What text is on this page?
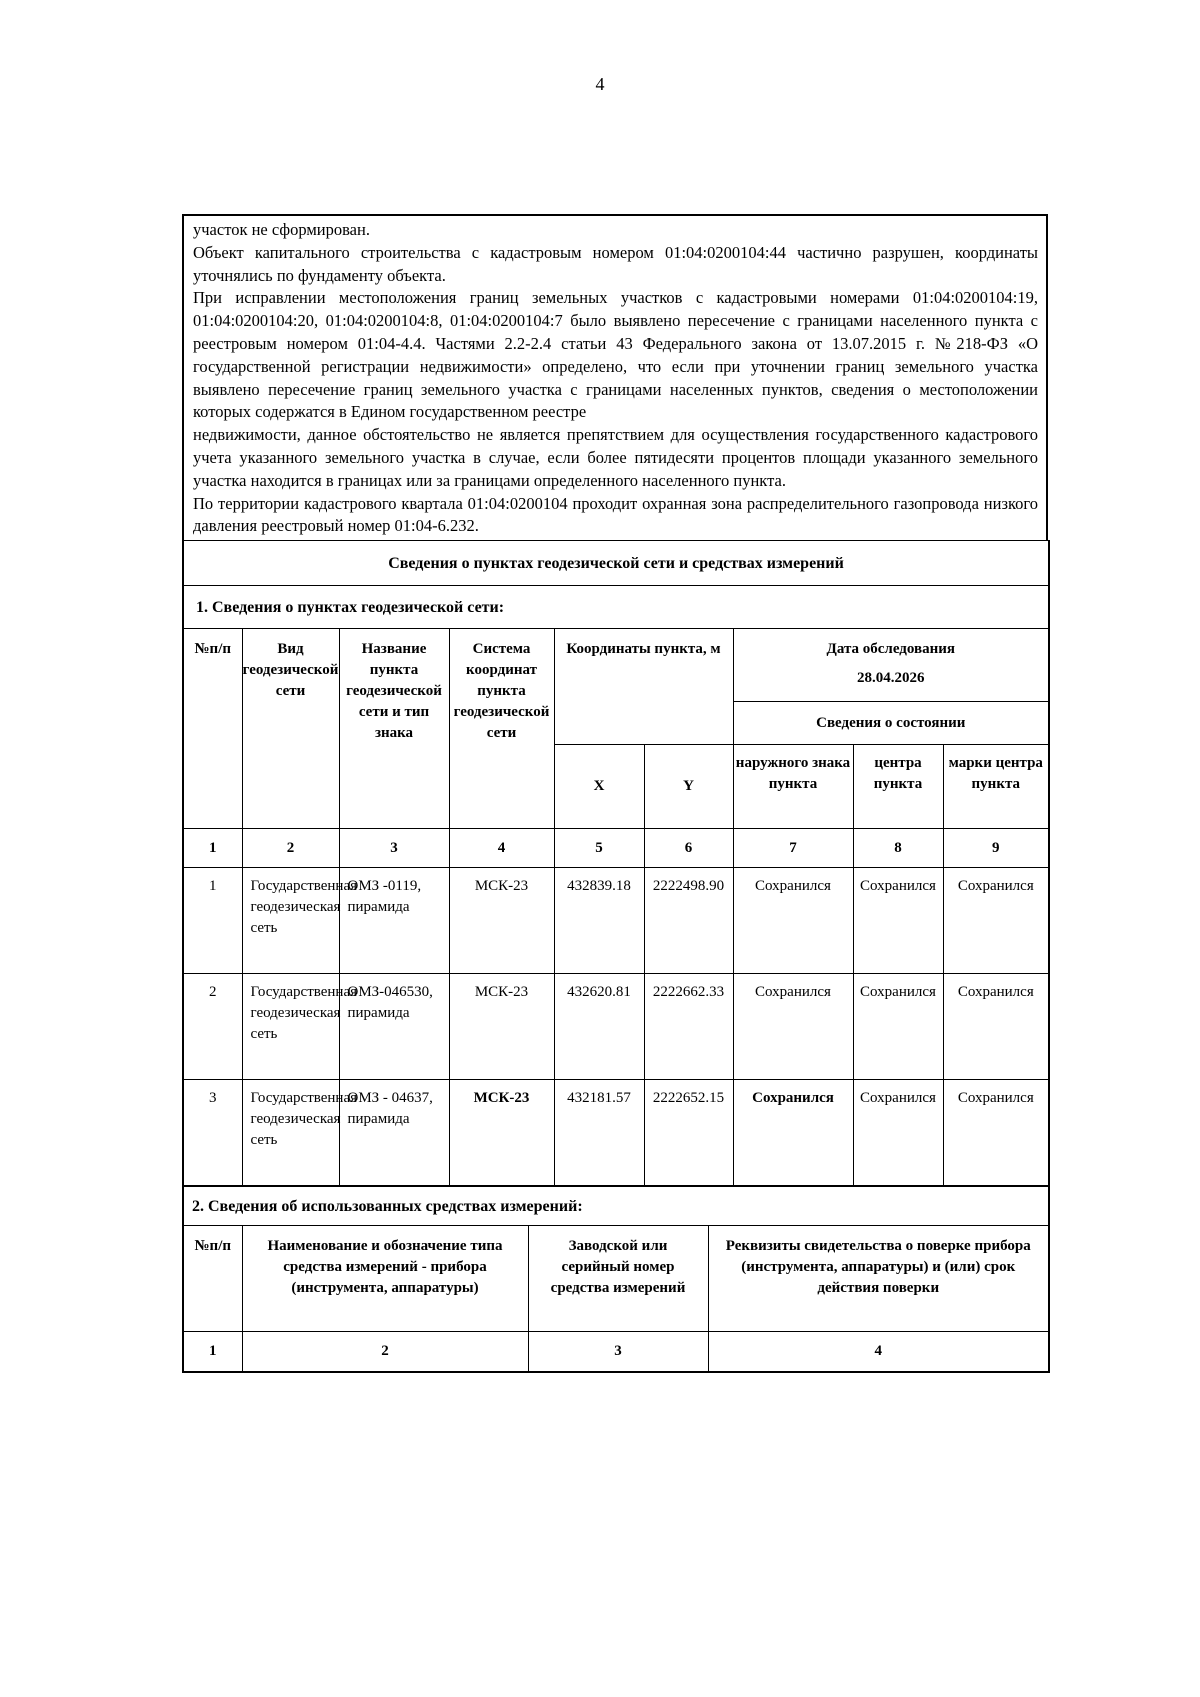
4

участок не сформирован.

Объект капитального строительства с кадастровым номером 01:04:0200104:44 частично разрушен, координаты уточнялись по фундаменту объекта.

При исправлении местоположения границ земельных участков с кадастровыми номерами 01:04:0200104:19, 01:04:0200104:20, 01:04:0200104:8, 01:04:0200104:7 было выявлено пересечение с границами населенного пункта с реестровым номером 01:04-4.4. Частями 2.2-2.4 статьи 43 Федерального закона от 13.07.2015 г. №218-ФЗ «О государственной регистрации недвижимости» определено, что если при уточнении границ земельного участка выявлено пересечение границ земельного участка с границами населенных пунктов, сведения о местоположении которых содержатся в Едином государственном реестре

недвижимости, данное обстоятельство не является препятствием для осуществления государственного кадастрового учета указанного земельного участка в случае, если более пятидесяти процентов площади указанного земельного участка находится в границах или за границами определенного населенного пункта.

По территории кадастрового квартала 01:04:0200104 проходит охранная зона распределительного газопровода низкого давления реестровый номер 01:04-6.232.

Сведения о пунктах геодезической сети и средствах измерений								
1. Сведения о пунктах геодезической сети:								
№п/п	Вид геодезической сети	Название пункта геодезической сети и тип знака	Система координат пункта геодезической сети	Координаты пункта, м		Дата обследования
28.04.2026		

						Сведения о состоянии		
				X	Y	наружного знака пункта	центра пункта	марки центра пункта
1	2	3	4	5	6	7	8	9
1	Государственная геодезическая сеть	ОМЗ -0119, пирамида	МСК-23	432839.18	2222498.90	Сохранился	Сохранился	Сохранился
2	Государственная геодезическая сеть	ОМЗ-046530, пирамида	МСК-23	432620.81	2222662.33	Сохранился	Сохранился	Сохранился
3	Государственная геодезическая сеть	ОМЗ - 04637, пирамида	МСК-23	432181.57	2222652.15	Сохранился	Сохранился	Сохранился
2. Сведения об использованных средствах измерений:			
№п/п	Наименование и обозначение типа средства измерений - прибора (инструмента, аппаратуры)	Заводской или серийный номер средства измерений	Реквизиты свидетельства о поверке прибора (инструмента, аппаратуры) и (или) срок действия поверки
1	2	3	4
